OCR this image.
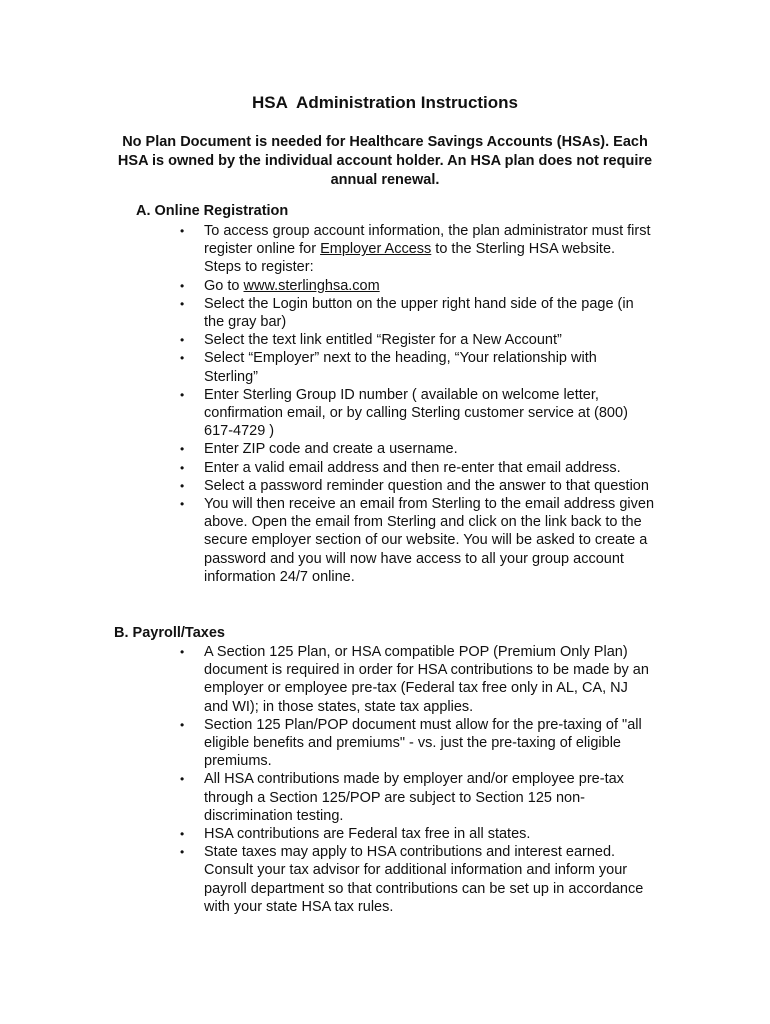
HSA  Administration Instructions
No Plan Document is needed for Healthcare Savings Accounts (HSAs). Each HSA is owned by the individual account holder. An HSA plan does not require annual renewal.
A. Online Registration
• To access group account information, the plan administrator must first register online for Employer Access to the Sterling HSA website. Steps to register:
• Go to www.sterlinghsa.com
• Select the Login button on the upper right hand side of the page (in the gray bar)
• Select the text link entitled “Register for a New Account”
• Select “Employer” next to the heading, “Your relationship with Sterling”
• Enter Sterling Group ID number ( available on welcome letter, confirmation email, or by calling Sterling customer service at (800) 617-4729 )
• Enter ZIP code and create a username.
• Enter a valid email address and then re-enter that email address.
• Select a password reminder question and the answer to that question
• You will then receive an email from Sterling to the email address given above. Open the email from Sterling and click on the link back to the secure employer section of our website. You will be asked to create a password and you will now have access to all your group account information 24/7 online.
B. Payroll/Taxes
• A Section 125 Plan, or HSA compatible POP (Premium Only Plan) document is required in order for HSA contributions to be made by an employer or employee pre-tax (Federal tax free only in AL, CA, NJ and WI); in those states, state tax applies.
• Section 125 Plan/POP document must allow for the pre-taxing of "all eligible benefits and premiums" - vs. just the pre-taxing of eligible premiums.
• All HSA contributions made by employer and/or employee pre-tax through a Section 125/POP are subject to Section 125 non-discrimination testing.
• HSA contributions are Federal tax free in all states.
• State taxes may apply to HSA contributions and interest earned. Consult your tax advisor for additional information and inform your payroll department so that contributions can be set up in accordance with your state HSA tax rules.
